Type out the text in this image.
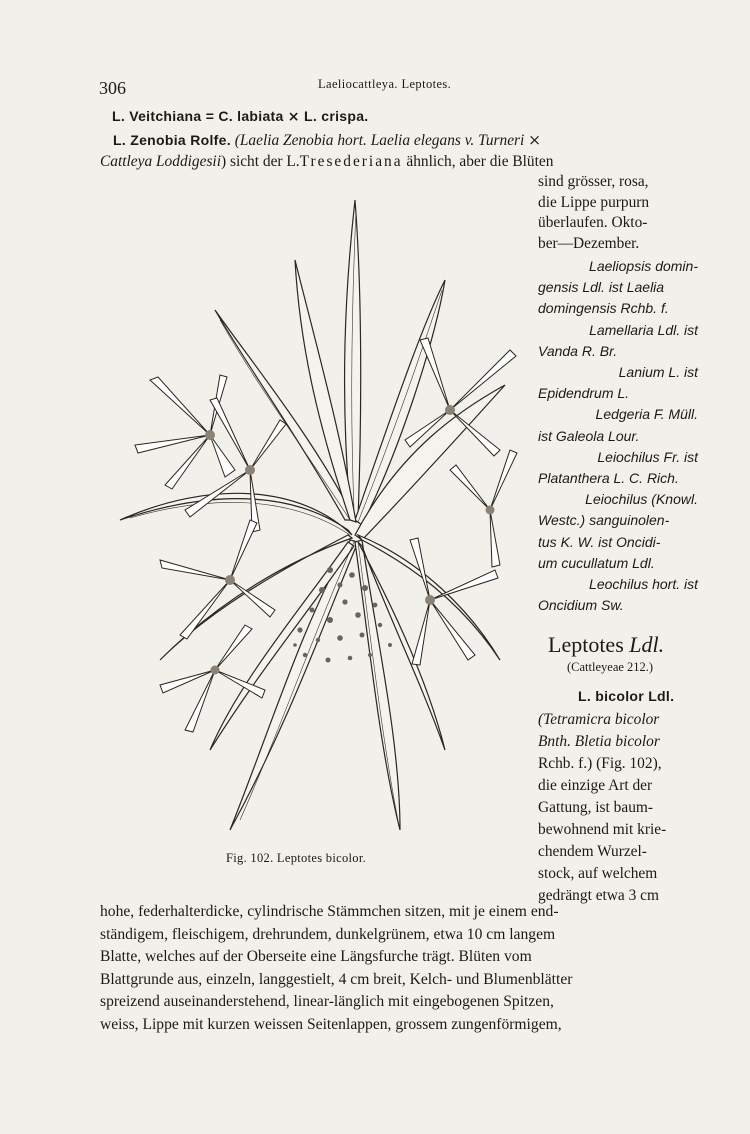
306	Laeliocattleya. Leptotes.
L. Veitchiana = C. labiata ⨯ L. crispa.
L. Zenobia Rolfe. (Laelia Zenobia hort. Laelia elegans v. Turneri ⨯
Cattleya Loddigesii) sicht der L.Tresederiana ähnlich, aber die Blüten
sind grösser, rosa,
die Lippe purpurn
überlaufen. Okto-
ber—Dezember.
Laeliopsis domin-
gensis Ldl. ist Laelia
domingensis Rchb. f.
Lamellaria Ldl. ist
Vanda R. Br.
Lanium L. ist
Epidendrum L.
Ledgeria F. Müll.
ist Galeola Lour.
Leiochilus Fr. ist
Platanthera L. C. Rich.
Leiochilus (Knowl.
Westc.) sanguinolen-
tus K. W. ist Oncidi-
um cucullatum Ldl.
Leochilus hort. ist
Oncidium Sw.
Leptotes Ldl.
(Cattleyeae 212.)
L. bicolor Ldl.
(Tetramicra bicolor
Bnth. Bletia bicolor
Rchb. f.) (Fig. 102),
die einzige Art der
Gattung, ist baum-
bewohnend mit krie-
chendem Wurzel-
stock, auf welchem
gedrängt etwa 3 cm
Fig. 102. Leptotes bicolor.
hohe, federhalterdicke, cylindrische Stämmchen sitzen, mit je einem end-
ständigem, fleischigem, drehrundem, dunkelgrünem, etwa 10 cm langem
Blatte, welches auf der Oberseite eine Längsfurche trägt. Blüten vom
Blattgrunde aus, einzeln, langgestielt, 4 cm breit, Kelch- und Blumenblätter
spreizend auseinanderstehend, linear-länglich mit eingebogenen Spitzen,
weiss, Lippe mit kurzen weissen Seitenlappen, grossem zungenförmigem,
